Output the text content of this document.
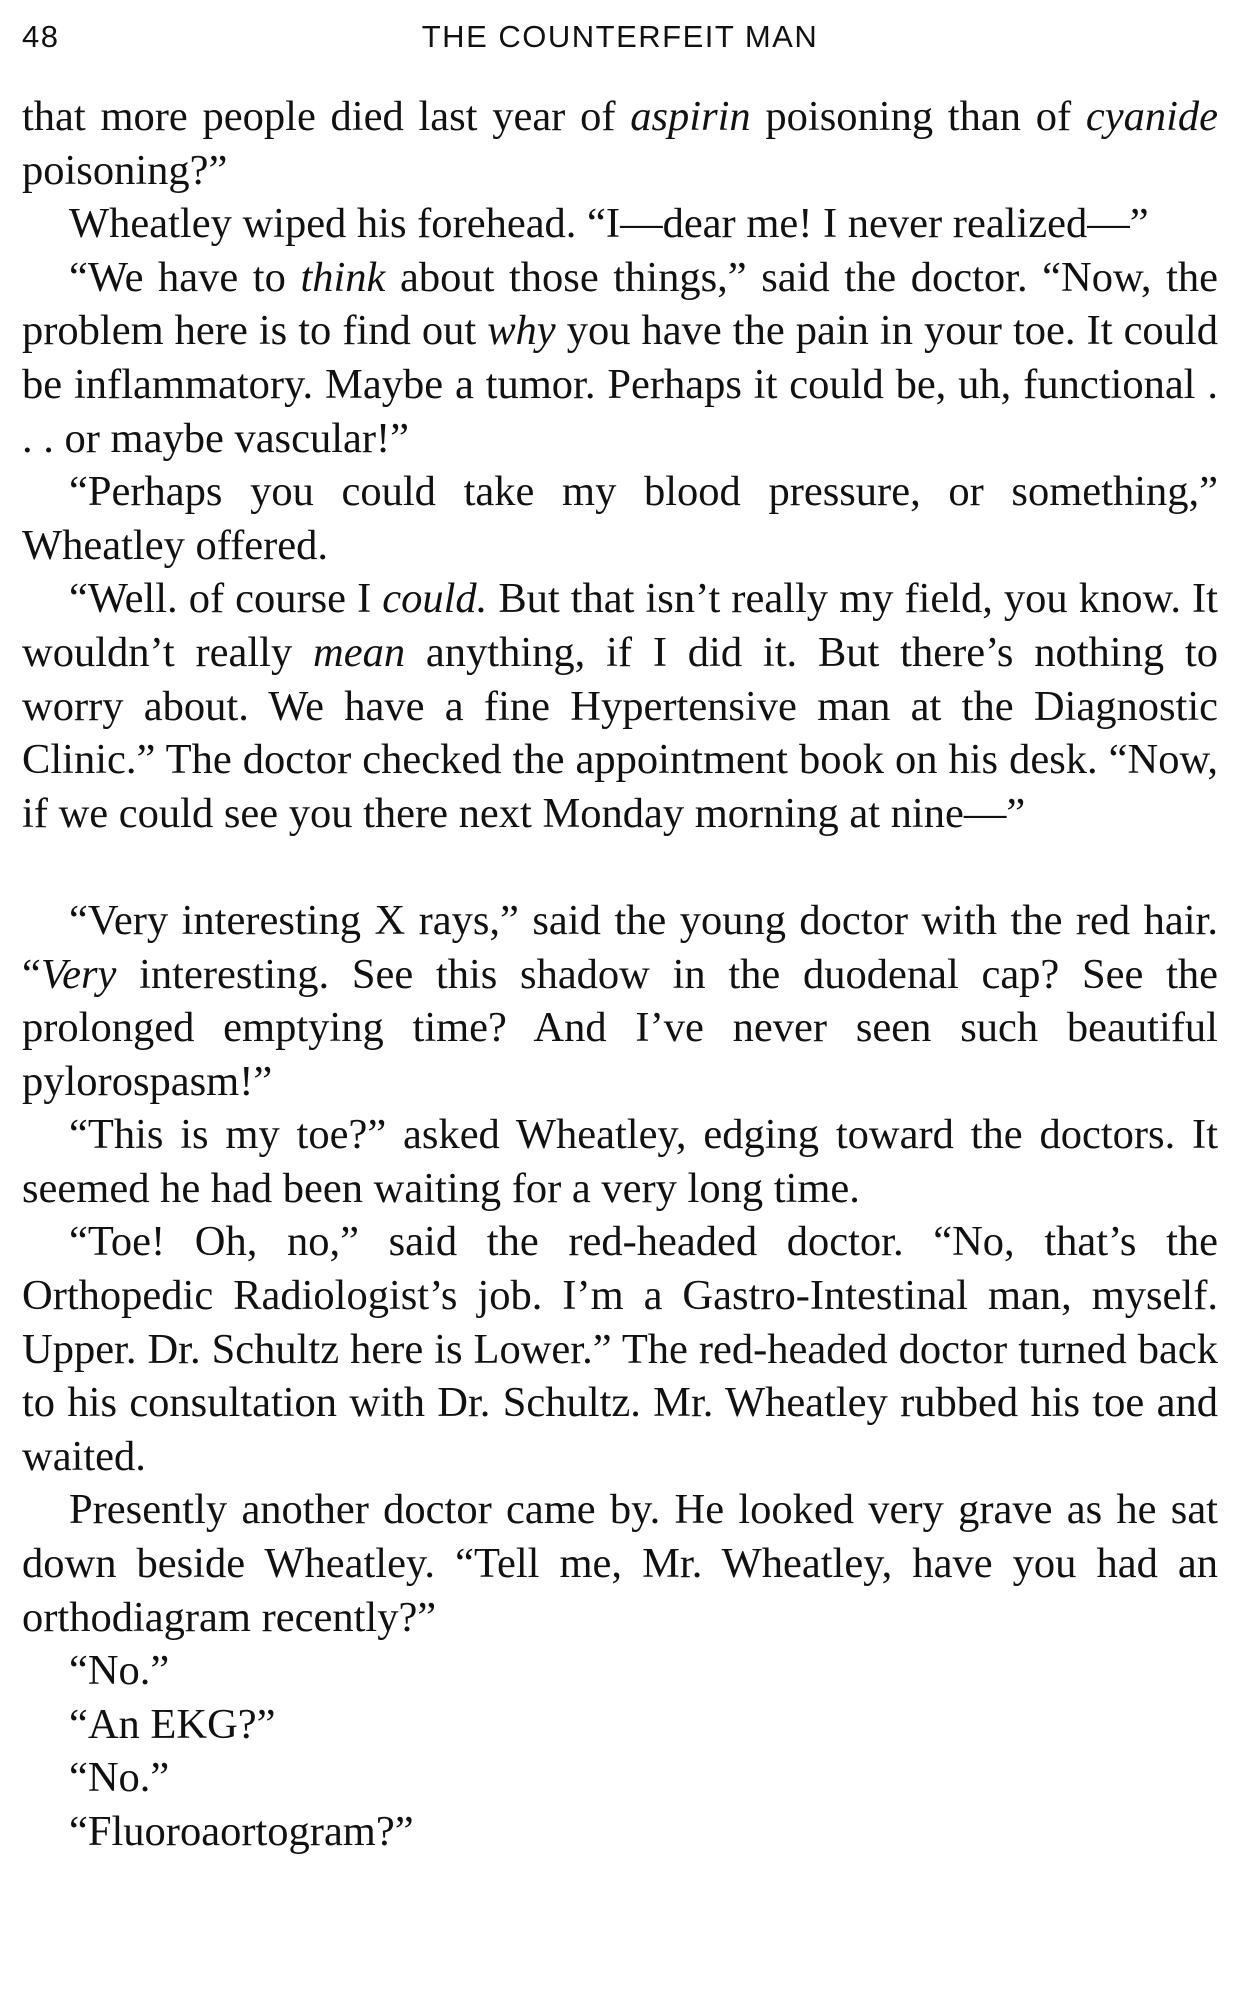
48	THE COUNTERFEIT MAN

that more people died last year of aspirin poisoning than of cyanide poisoning?”

Wheatley wiped his forehead. “I—dear me! I never realized—”

“We have to think about those things,” said the doctor. “Now, the problem here is to find out why you have the pain in your toe. It could be inflammatory. Maybe a tumor. Perhaps it could be, uh, functional . . . or maybe vascular!”

“Perhaps you could take my blood pressure, or something,” Wheatley offered.

“Well. of course I could. But that isn’t really my field, you know. It wouldn’t really mean anything, if I did it. But there’s nothing to worry about. We have a fine Hypertensive man at the Diagnostic Clinic.” The doctor checked the appointment book on his desk. “Now, if we could see you there next Monday morning at nine—”

“Very interesting X rays,” said the young doctor with the red hair. “Very interesting. See this shadow in the duodenal cap? See the prolonged emptying time? And I’ve never seen such beautiful pylorospasm!”

“This is my toe?” asked Wheatley, edging toward the doctors. It seemed he had been waiting for a very long time.

“Toe! Oh, no,” said the red-headed doctor. “No, that’s the Orthopedic Radiologist’s job. I’m a Gastro-Intestinal man, myself. Upper. Dr. Schultz here is Lower.” The red-headed doctor turned back to his consultation with Dr. Schultz. Mr. Wheatley rubbed his toe and waited.

Presently another doctor came by. He looked very grave as he sat down beside Wheatley. “Tell me, Mr. Wheatley, have you had an orthodiagram recently?”

“No.”

“An EKG?”

“No.”

“Fluoroaortogram?”
